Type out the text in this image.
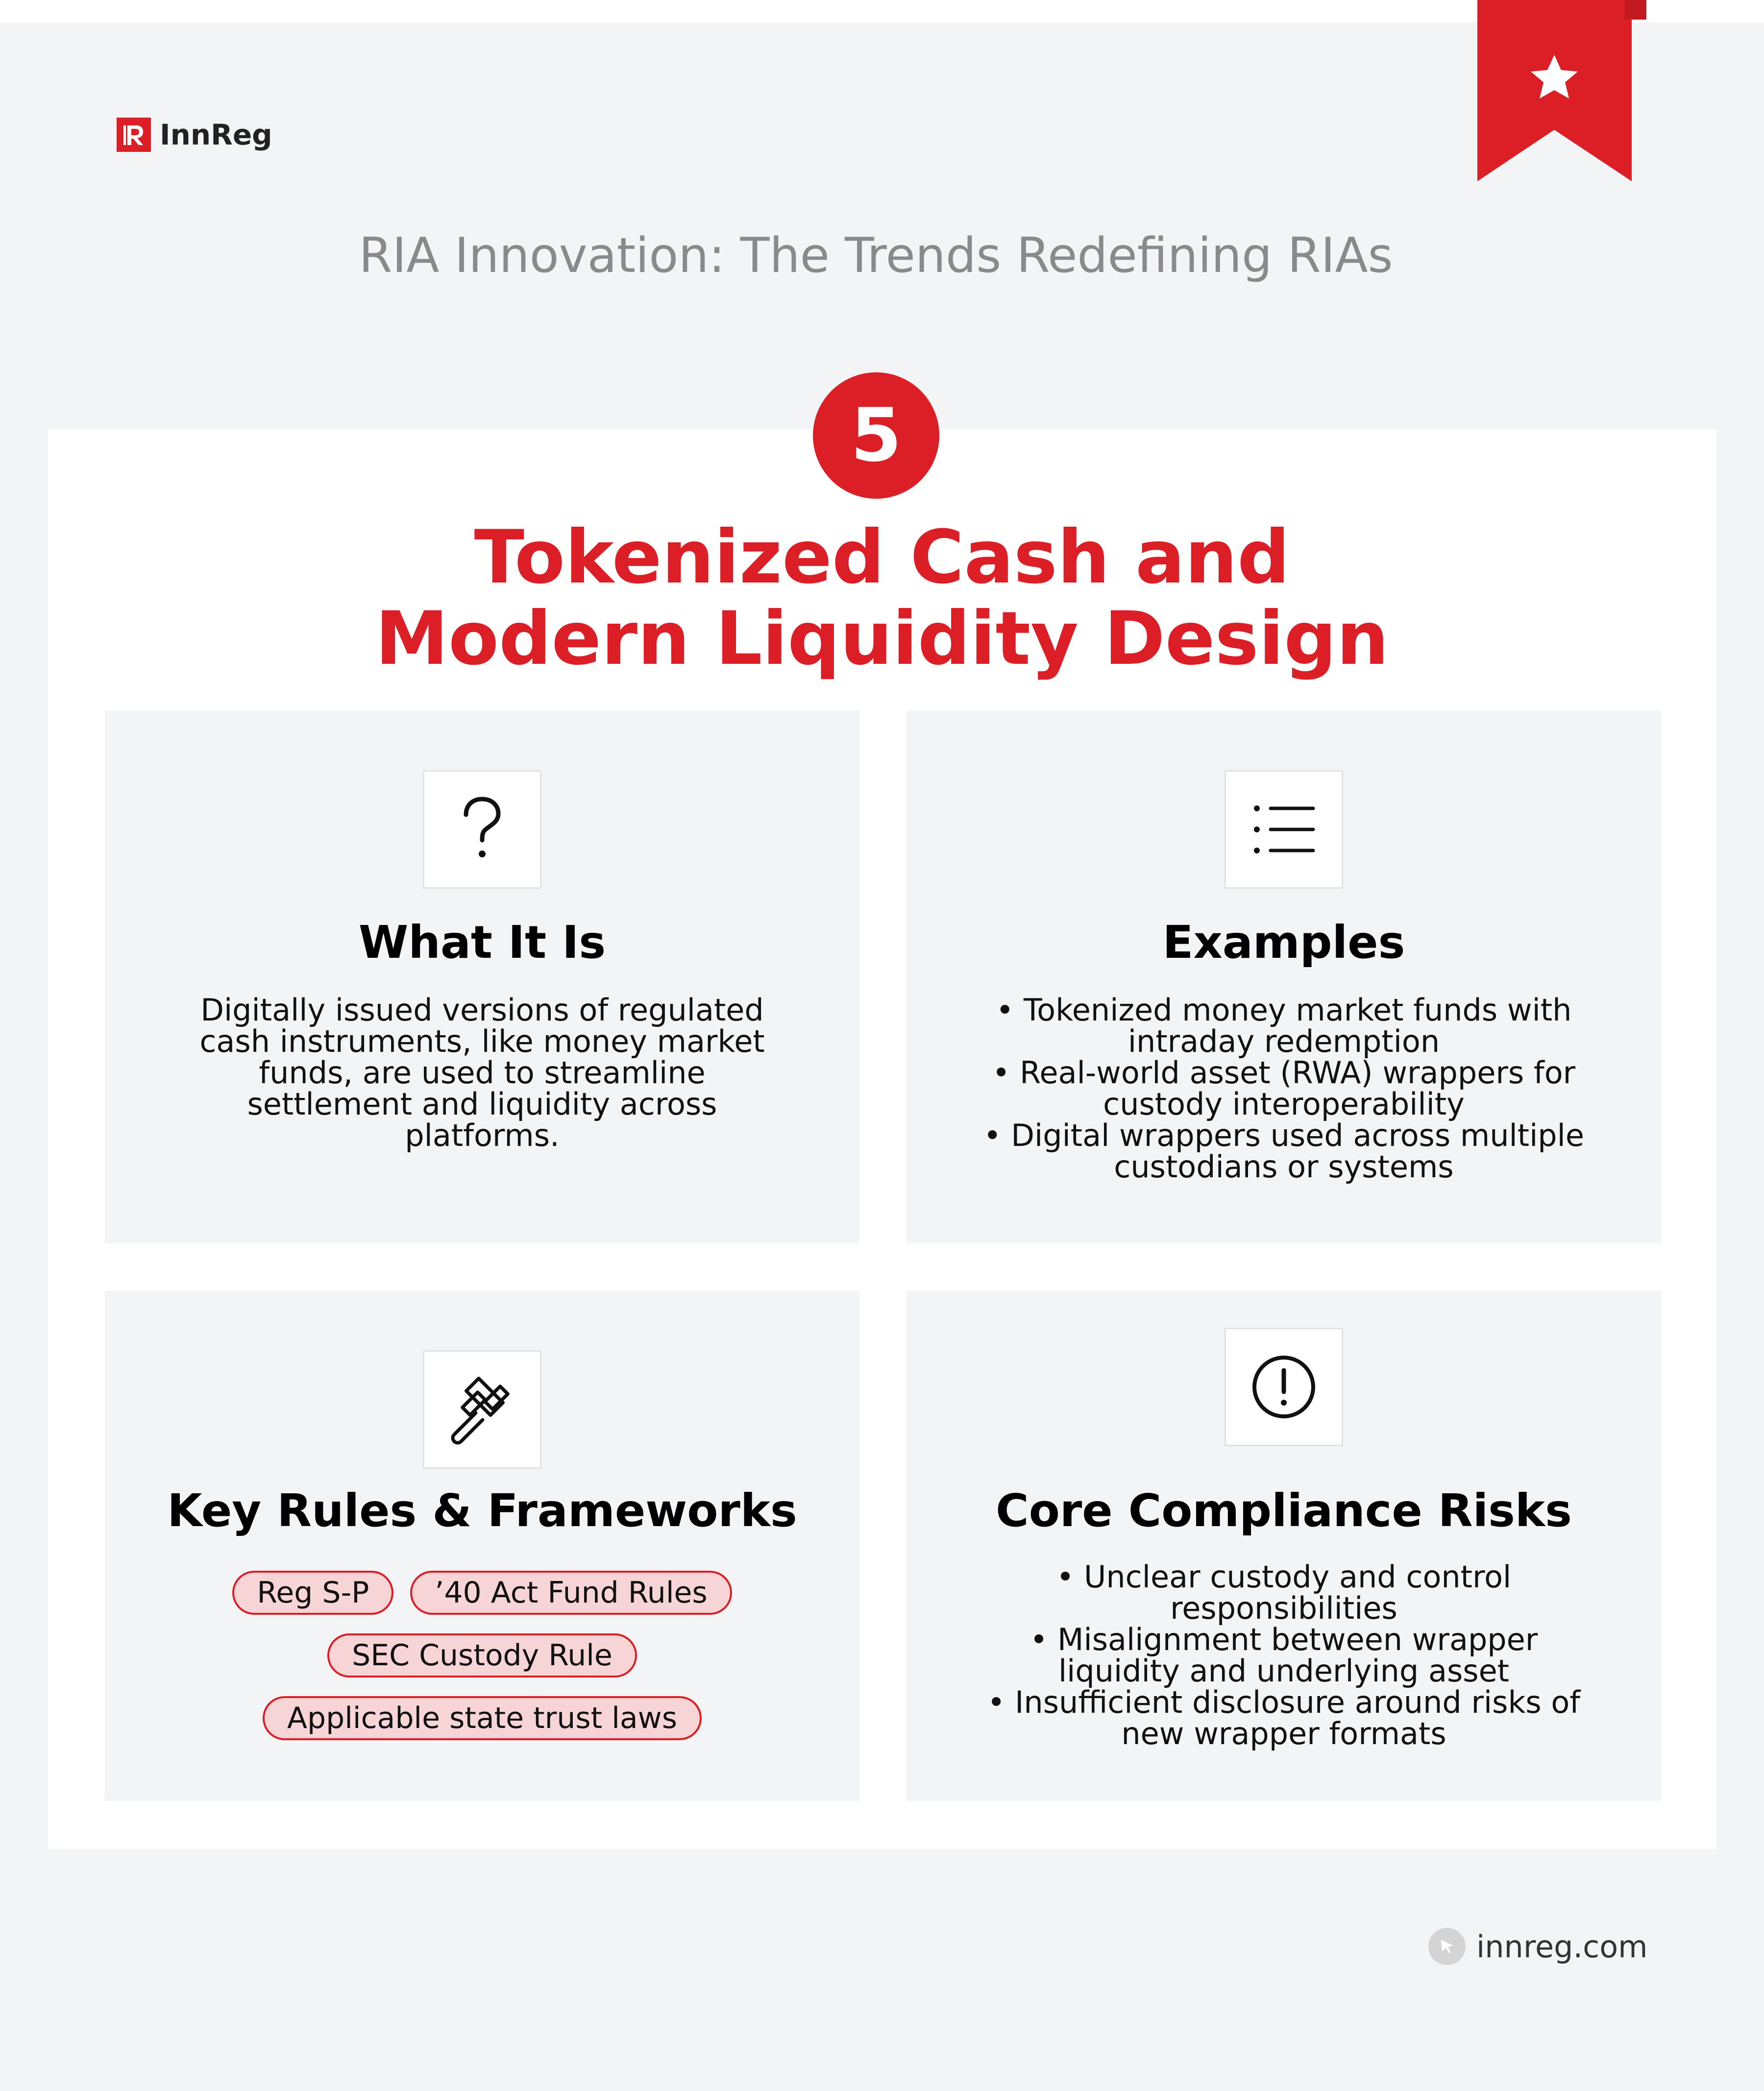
InnReg
RIA Innovation: The Trends Redefining RIAs
5
Tokenized Cash and
Modern Liquidity Design
What It Is
Digitally issued versions of regulated cash instruments, like money market funds, are used to streamline settlement and liquidity across platforms.
Examples
• Tokenized money market funds with intraday redemption
• Real-world asset (RWA) wrappers for custody interoperability
• Digital wrappers used across multiple custodians or systems
Key Rules & Frameworks
Reg S-P	’40 Act Fund Rules
SEC Custody Rule
Applicable state trust laws
Core Compliance Risks
• Unclear custody and control responsibilities
• Misalignment between wrapper liquidity and underlying asset
• Insufficient disclosure around risks of new wrapper formats
innreg.com
